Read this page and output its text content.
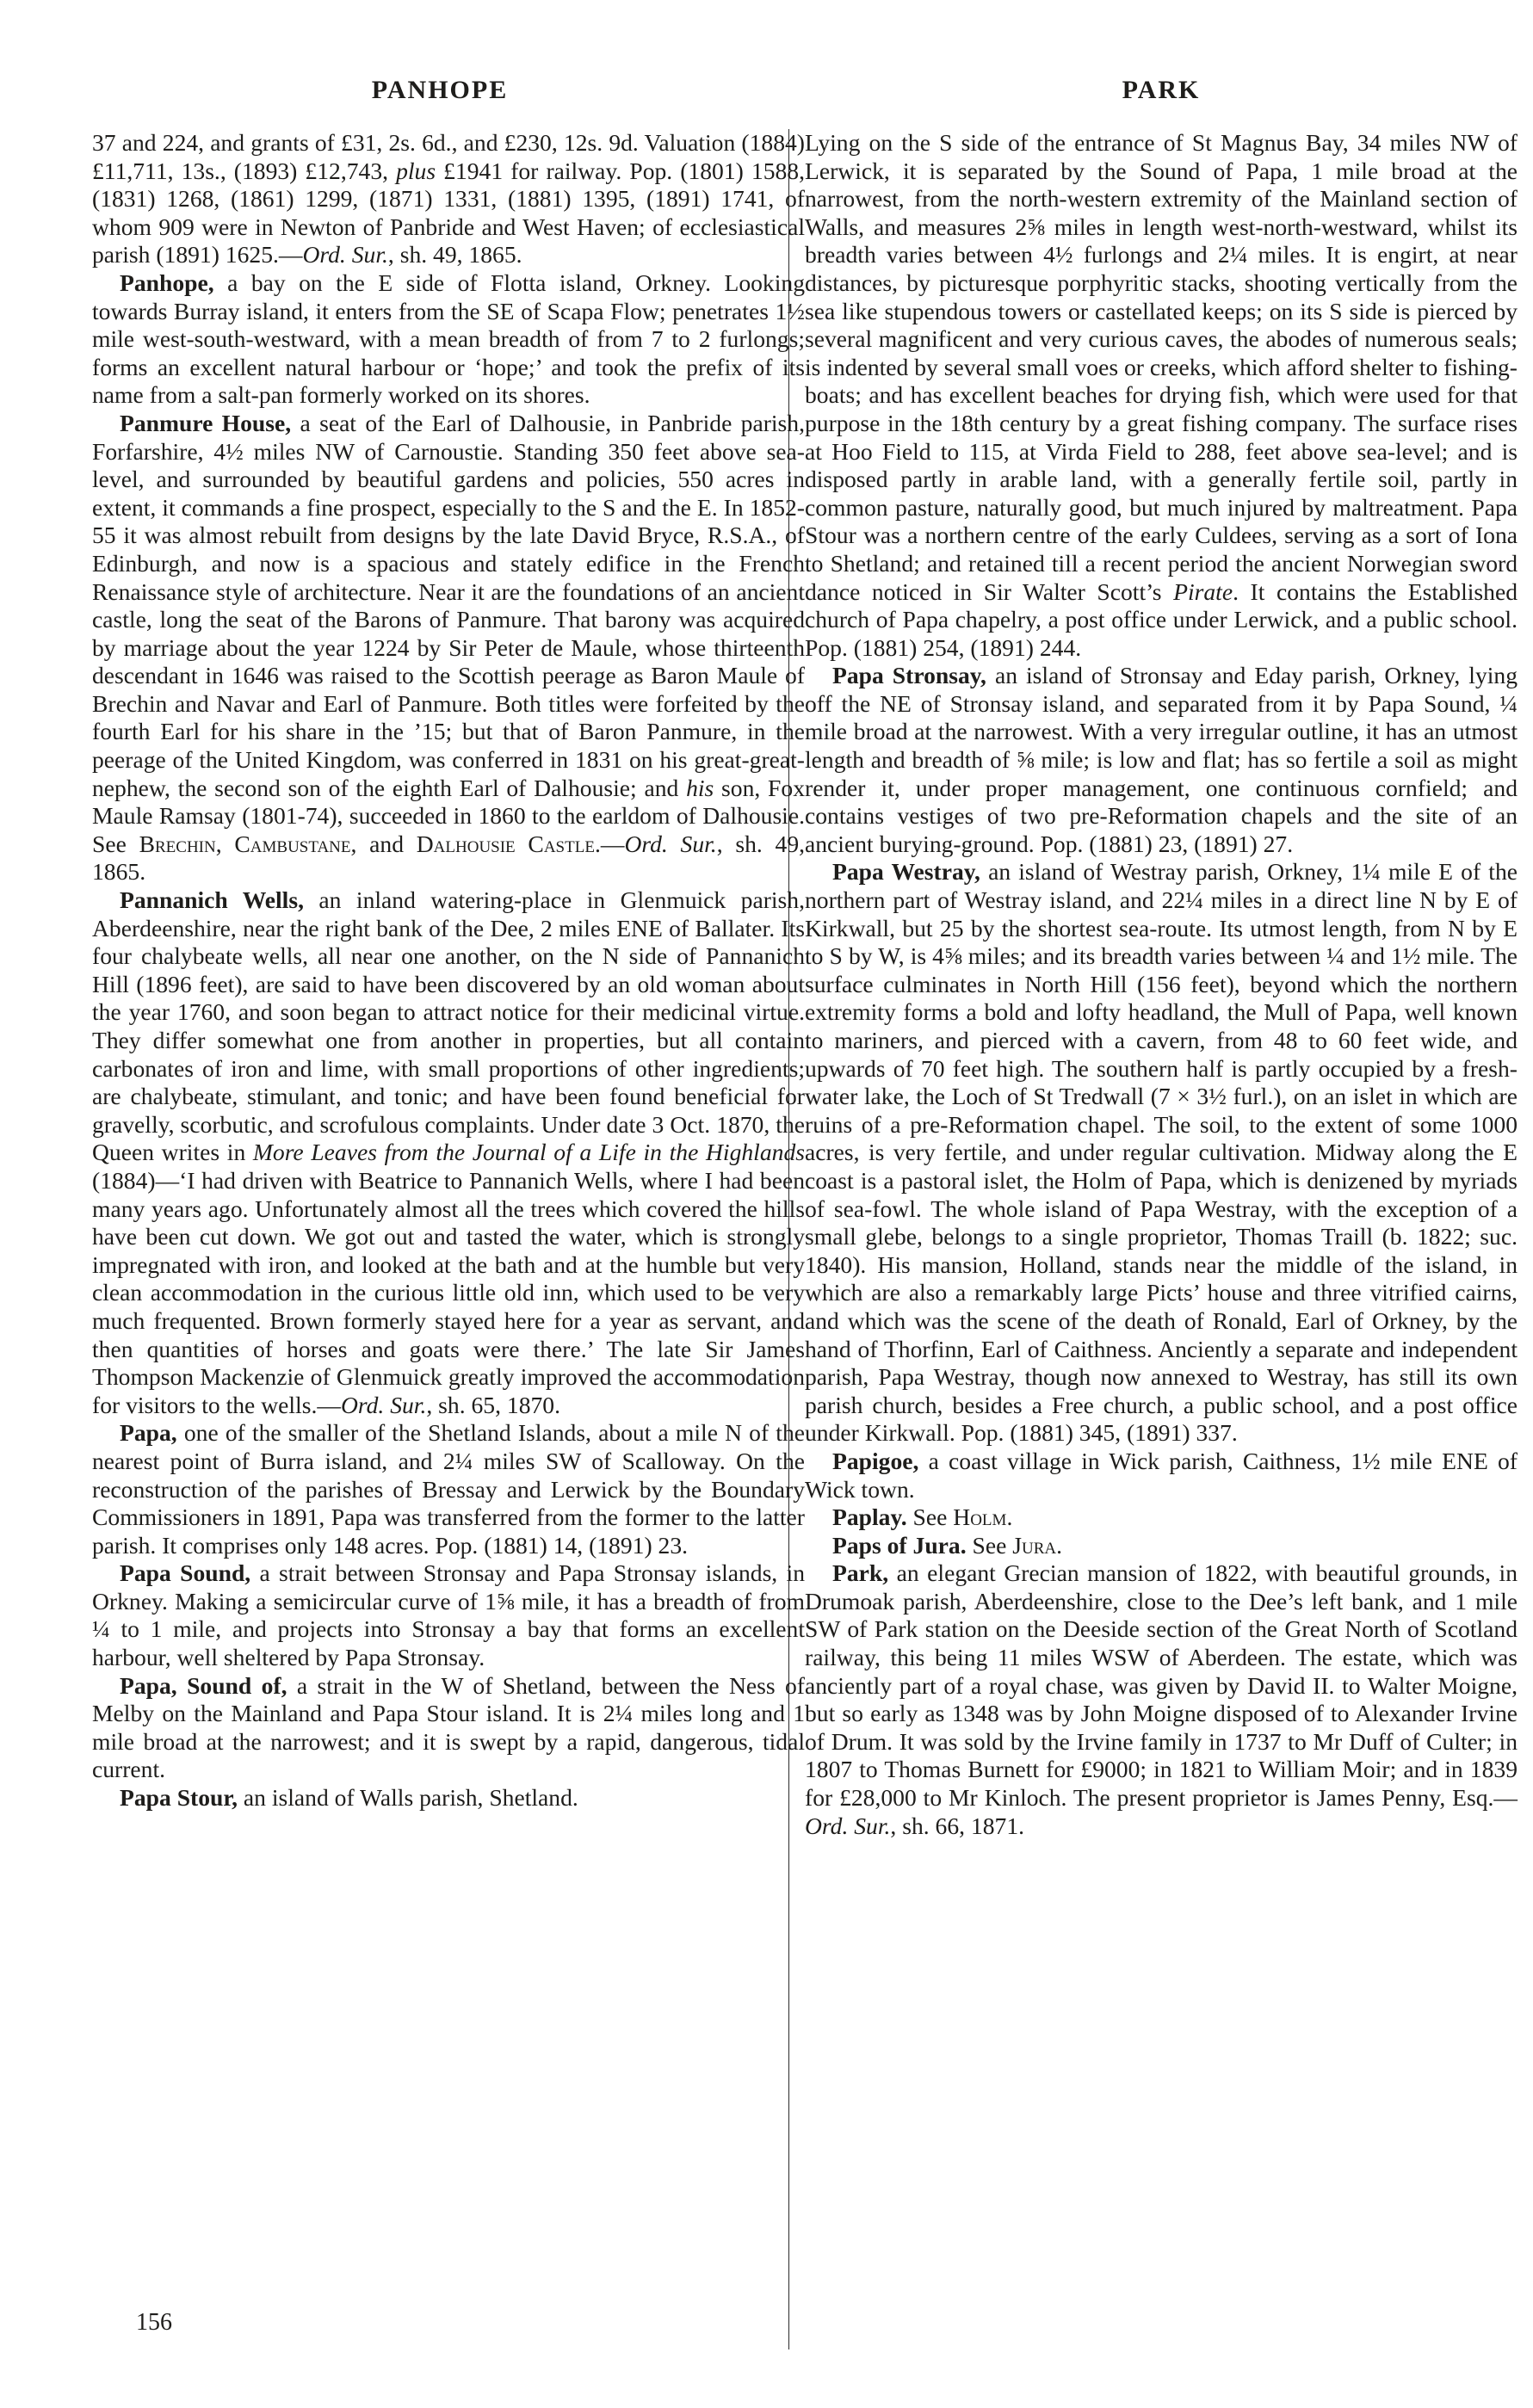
PANHOPE	PARK

37 and 224, and grants of £31, 2s. 6d., and £230, 12s. 9d. Valuation (1884) £11,711, 13s., (1893) £12,743, plus £1941 for railway. Pop. (1801) 1588, (1831) 1268, (1861) 1299, (1871) 1331, (1881) 1395, (1891) 1741, of whom 909 were in Newton of Panbride and West Haven; of ecclesiastical parish (1891) 1625.—Ord. Sur., sh. 49, 1865.

Panhope, a bay on the E side of Flotta island, Orkney. Looking towards Burray island, it enters from the SE of Scapa Flow; penetrates 1½ mile west-south-westward, with a mean breadth of from 7 to 2 furlongs; forms an excellent natural harbour or ‘hope;’ and took the prefix of its name from a salt-pan formerly worked on its shores.

Panmure House, a seat of the Earl of Dalhousie, in Panbride parish, Forfarshire, 4½ miles NW of Carnoustie. Standing 350 feet above sea-level, and surrounded by beautiful gardens and policies, 550 acres in extent, it commands a fine prospect, especially to the S and the E. In 1852-55 it was almost rebuilt from designs by the late David Bryce, R.S.A., of Edinburgh, and now is a spacious and stately edifice in the French Renaissance style of architecture. Near it are the foundations of an ancient castle, long the seat of the Barons of Panmure. That barony was acquired by marriage about the year 1224 by Sir Peter de Maule, whose thirteenth descendant in 1646 was raised to the Scottish peerage as Baron Maule of Brechin and Navar and Earl of Panmure. Both titles were forfeited by the fourth Earl for his share in the ’15; but that of Baron Panmure, in the peerage of the United Kingdom, was conferred in 1831 on his great-great-nephew, the second son of the eighth Earl of Dalhousie; and his son, Fox Maule Ramsay (1801-74), succeeded in 1860 to the earldom of Dalhousie. See Brechin, Cambustane, and Dalhousie Castle.—Ord. Sur., sh. 49, 1865.

Pannanich Wells, an inland watering-place in Glenmuick parish, Aberdeenshire, near the right bank of the Dee, 2 miles ENE of Ballater. Its four chalybeate wells, all near one another, on the N side of Pannanich Hill (1896 feet), are said to have been discovered by an old woman about the year 1760, and soon began to attract notice for their medicinal virtue. They differ somewhat one from another in properties, but all contain carbonates of iron and lime, with small proportions of other ingredients; are chalybeate, stimulant, and tonic; and have been found beneficial for gravelly, scorbutic, and scrofulous complaints. Under date 3 Oct. 1870, the Queen writes in More Leaves from the Journal of a Life in the Highlands (1884)—‘I had driven with Beatrice to Pannanich Wells, where I had been many years ago. Unfortunately almost all the trees which covered the hills have been cut down. We got out and tasted the water, which is strongly impregnated with iron, and looked at the bath and at the humble but very clean accommodation in the curious little old inn, which used to be very much frequented. Brown formerly stayed here for a year as servant, and then quantities of horses and goats were there.’ The late Sir James Thompson Mackenzie of Glenmuick greatly improved the accommodation for visitors to the wells.—Ord. Sur., sh. 65, 1870.

Papa, one of the smaller of the Shetland Islands, about a mile N of the nearest point of Burra island, and 2¼ miles SW of Scalloway. On the reconstruction of the parishes of Bressay and Lerwick by the Boundary Commissioners in 1891, Papa was transferred from the former to the latter parish. It comprises only 148 acres. Pop. (1881) 14, (1891) 23.

Papa Sound, a strait between Stronsay and Papa Stronsay islands, in Orkney. Making a semicircular curve of 1⅝ mile, it has a breadth of from ¼ to 1 mile, and projects into Stronsay a bay that forms an excellent harbour, well sheltered by Papa Stronsay.

Papa, Sound of, a strait in the W of Shetland, between the Ness of Melby on the Mainland and Papa Stour island. It is 2¼ miles long and 1 mile broad at the narrowest; and it is swept by a rapid, dangerous, tidal current.

Papa Stour, an island of Walls parish, Shetland.

Lying on the S side of the entrance of St Magnus Bay, 34 miles NW of Lerwick, it is separated by the Sound of Papa, 1 mile broad at the narrowest, from the north-western extremity of the Mainland section of Walls, and measures 2⅝ miles in length west-north-westward, whilst its breadth varies between 4½ furlongs and 2¼ miles. It is engirt, at near distances, by picturesque porphyritic stacks, shooting vertically from the sea like stupendous towers or castellated keeps; on its S side is pierced by several magnificent and very curious caves, the abodes of numerous seals; is indented by several small voes or creeks, which afford shelter to fishing-boats; and has excellent beaches for drying fish, which were used for that purpose in the 18th century by a great fishing company. The surface rises at Hoo Field to 115, at Virda Field to 288, feet above sea-level; and is disposed partly in arable land, with a generally fertile soil, partly in common pasture, naturally good, but much injured by maltreatment. Papa Stour was a northern centre of the early Culdees, serving as a sort of Iona to Shetland; and retained till a recent period the ancient Norwegian sword dance noticed in Sir Walter Scott’s Pirate. It contains the Established church of Papa chapelry, a post office under Lerwick, and a public school. Pop. (1881) 254, (1891) 244.

Papa Stronsay, an island of Stronsay and Eday parish, Orkney, lying off the NE of Stronsay island, and separated from it by Papa Sound, ¼ mile broad at the narrowest. With a very irregular outline, it has an utmost length and breadth of ⅝ mile; is low and flat; has so fertile a soil as might render it, under proper management, one continuous cornfield; and contains vestiges of two pre-Reformation chapels and the site of an ancient burying-ground. Pop. (1881) 23, (1891) 27.

Papa Westray, an island of Westray parish, Orkney, 1¼ mile E of the northern part of Westray island, and 22¼ miles in a direct line N by E of Kirkwall, but 25 by the shortest sea-route. Its utmost length, from N by E to S by W, is 4⅝ miles; and its breadth varies between ¼ and 1½ mile. The surface culminates in North Hill (156 feet), beyond which the northern extremity forms a bold and lofty headland, the Mull of Papa, well known to mariners, and pierced with a cavern, from 48 to 60 feet wide, and upwards of 70 feet high. The southern half is partly occupied by a fresh-water lake, the Loch of St Tredwall (7 × 3½ furl.), on an islet in which are ruins of a pre-Reformation chapel. The soil, to the extent of some 1000 acres, is very fertile, and under regular cultivation. Midway along the E coast is a pastoral islet, the Holm of Papa, which is denizened by myriads of sea-fowl. The whole island of Papa Westray, with the exception of a small glebe, belongs to a single proprietor, Thomas Traill (b. 1822; suc. 1840). His mansion, Holland, stands near the middle of the island, in which are also a remarkably large Picts’ house and three vitrified cairns, and which was the scene of the death of Ronald, Earl of Orkney, by the hand of Thorfinn, Earl of Caithness. Anciently a separate and independent parish, Papa Westray, though now annexed to Westray, has still its own parish church, besides a Free church, a public school, and a post office under Kirkwall. Pop. (1881) 345, (1891) 337.

Papigoe, a coast village in Wick parish, Caithness, 1½ mile ENE of Wick town.

Paplay. See Holm.

Paps of Jura. See Jura.

Park, an elegant Grecian mansion of 1822, with beautiful grounds, in Drumoak parish, Aberdeenshire, close to the Dee’s left bank, and 1 mile SW of Park station on the Deeside section of the Great North of Scotland railway, this being 11 miles WSW of Aberdeen. The estate, which was anciently part of a royal chase, was given by David II. to Walter Moigne, but so early as 1348 was by John Moigne disposed of to Alexander Irvine of Drum. It was sold by the Irvine family in 1737 to Mr Duff of Culter; in 1807 to Thomas Burnett for £9000; in 1821 to William Moir; and in 1839 for £28,000 to Mr Kinloch. The present proprietor is James Penny, Esq.—Ord. Sur., sh. 66, 1871.

156
